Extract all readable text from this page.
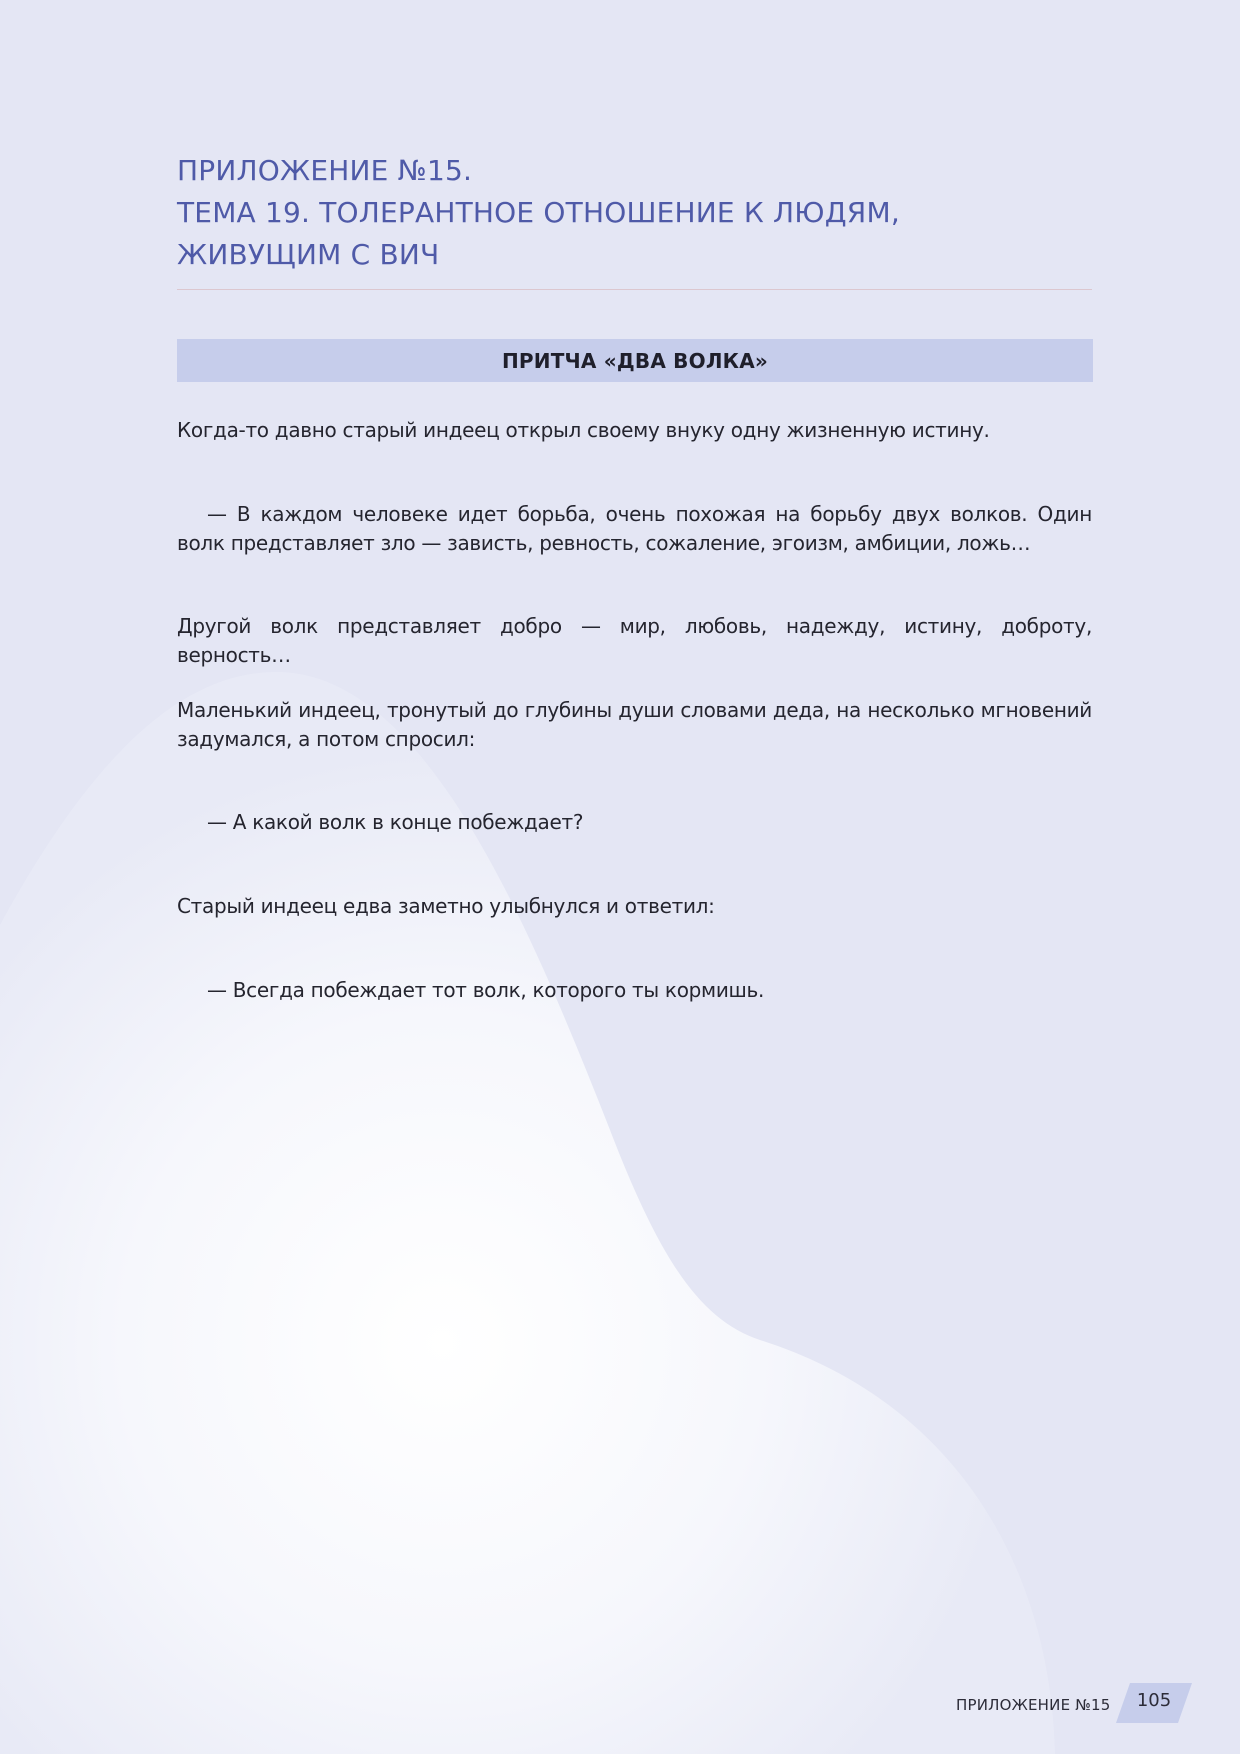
ПРИЛОЖЕНИЕ №15.
ТЕМА 19. ТОЛЕРАНТНОЕ ОТНОШЕНИЕ К ЛЮДЯМ,
ЖИВУЩИМ С ВИЧ
ПРИТЧА «ДВА ВОЛКА»

Когда-то давно старый индеец открыл своему внуку одну жизненную истину.

— В каждом человеке идет борьба, очень похожая на борьбу двух волков. Один волк представляет зло — зависть, ревность, сожаление, эгоизм, амбиции, ложь…

Другой волк представляет добро — мир, любовь, надежду, истину, доброту, верность…

Маленький индеец, тронутый до глубины души словами деда, на несколько мгновений задумался, а потом спросил:

— А какой волк в конце побеждает?

Старый индеец едва заметно улыбнулся и ответил:

— Всегда побеждает тот волк, которого ты кормишь.

ПРИЛОЖЕНИЕ №15	105
